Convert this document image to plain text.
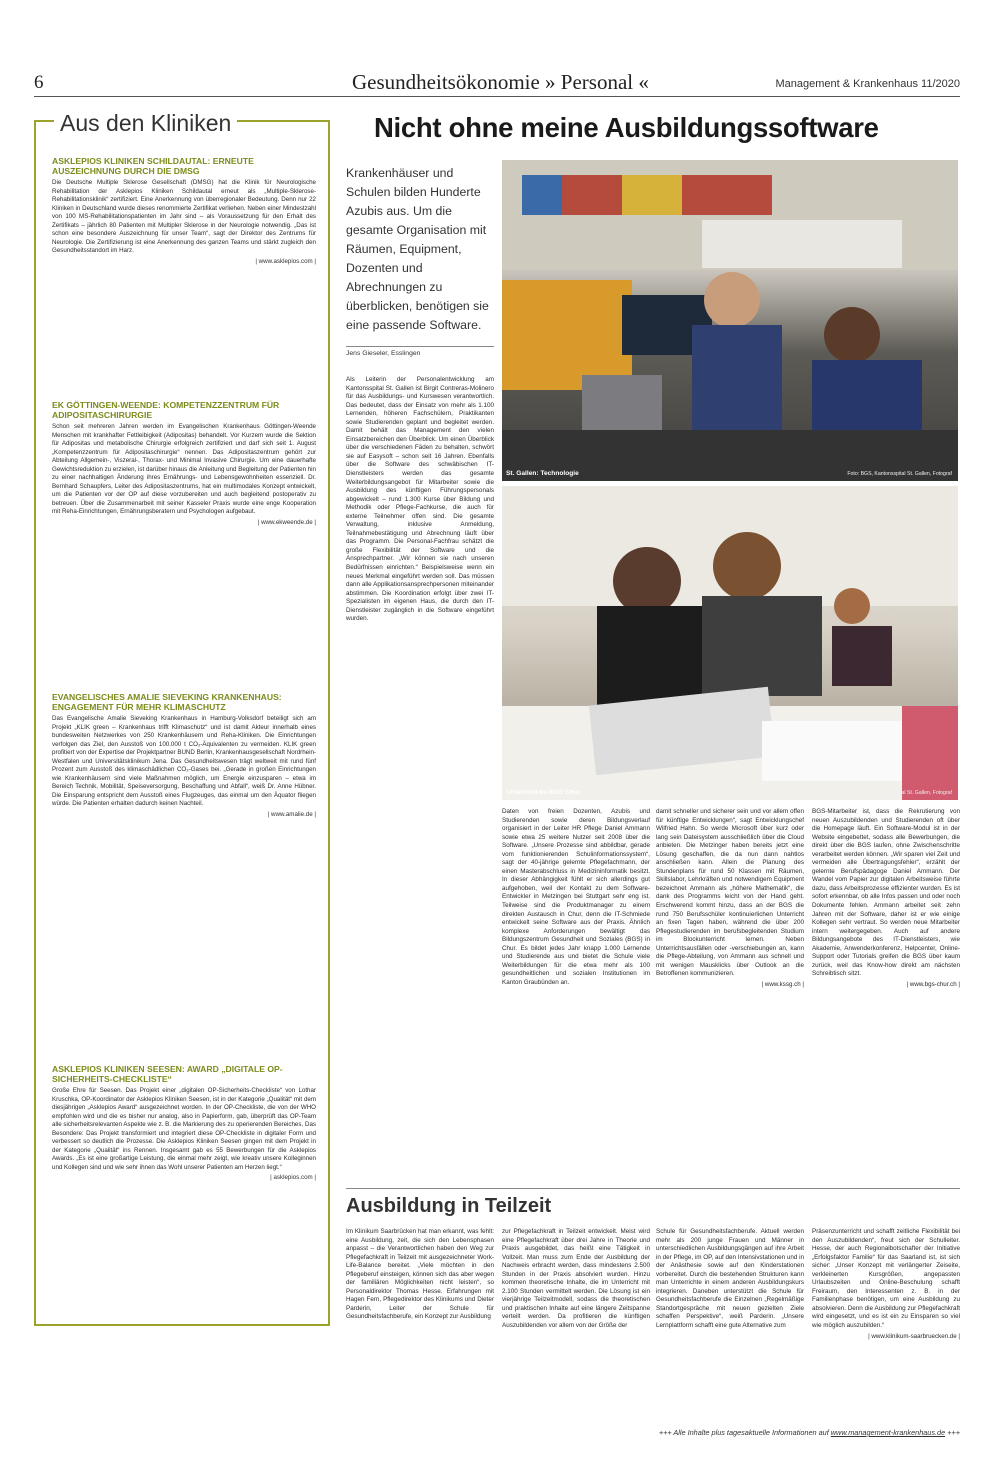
6	Gesundheitsökonomie » Personal «	Management & Krankenhaus 11/2020
Aus den Kliniken
ASKLEPIOS KLINIKEN SCHILDAUTAL: ERNEUTE AUSZEICHNUNG DURCH DIE DMSG
Die Deutsche Multiple Sklerose Gesellschaft (DMSG) hat die Klinik für Neurologische Rehabilitation der Asklepios Kliniken Schildautal erneut als „Multiple-Sklerose-Rehabilitationsklinik“ zertifiziert. Eine Anerkennung von überregionaler Bedeutung. Denn nur 22 Kliniken in Deutschland wurde dieses renommierte Zertifikat verliehen. Neben einer Mindestzahl von 100 MS-Rehabilitationspatienten im Jahr sind – als Voraussetzung für den Erhalt des Zertifikats – jährlich 80 Patienten mit Multipler Sklerose in der Neurologie notwendig. „Das ist schon eine besondere Auszeichnung für unser Team“, sagt der Direktor des Zentrums für Neurologie. Die Zertifizierung ist eine Anerkennung des ganzen Teams und stärkt zugleich den Gesundheitsstandort im Harz.
| www.asklepios.com |
EK GÖTTINGEN-WEENDE: KOMPETENZZENTRUM FÜR ADIPOSITASCHIRURGIE
Schon seit mehreren Jahren werden im Evangelischen Krankenhaus Göttingen-Weende Menschen mit krankhafter Fettleibigkeit (Adipositas) behandelt. Vor Kurzem wurde die Sektion für Adipositas und metabolische Chirurgie erfolgreich zertifiziert und darf sich seit 1. August „Kompetenzzentrum für Adipositaschirurgie“ nennen. Das Adipositaszentrum gehört zur Abteilung Allgemein-, Viszeral-, Thorax- und Minimal Invasive Chirurgie. Um eine dauerhafte Gewichtsreduktion zu erzielen, ist darüber hinaus die Anleitung und Begleitung der Patienten hin zu einer nachhaltigen Änderung ihres Ernährungs- und Lebensgewohnheiten essenziell. Dr. Bernhard Schaupfers, Leiter des Adipositaszentrums, hat ein multimodales Konzept entwickelt, um die Patienten vor der OP auf diese vorzubereiten und auch begleitend postoperativ zu betreuen. Über die Zusammenarbeit mit seiner Kasseler Praxis wurde eine enge Kooperation mit Reha-Einrichtungen, Ernährungsberatern und Psychologen aufgebaut.
| www.ekweende.de |
EVANGELISCHES AMALIE SIEVEKING KRANKENHAUS: ENGAGEMENT FÜR MEHR KLIMASCHUTZ
Das Evangelische Amalie Sieveking Krankenhaus in Hamburg-Volksdorf beteiligt sich am Projekt „KLIK green – Krankenhaus trifft Klimaschutz“ und ist damit Akteur innerhalb eines bundesweiten Netzwerkes von 250 Krankenhäusern und Reha-Kliniken. Die Einrichtungen verfolgen das Ziel, den Ausstoß von 100.000 t CO₂-Äquivalenten zu vermeiden. KLIK green profitiert von der Expertise der Projektpartner BUND Berlin, Krankenhausgesellschaft Nordrhein-Westfalen und Universitätsklinikum Jena. Das Gesundheitswesen trägt weltweit mit rund fünf Prozent zum Ausstoß des klimaschädlichen CO₂-Gases bei. „Gerade in großen Einrichtungen wie Krankenhäusern sind viele Maßnahmen möglich, um Energie einzusparen – etwa im Bereich Technik, Mobilität, Speiseversorgung, Beschaffung und Abfall“, weiß Dr. Anne Hübner. Die Einsparung entspricht dem Ausstoß eines Flugzeuges, das einmal um den Äquator fliegen würde. Die Patienten erhalten dadurch keinen Nachteil.
| www.amalie.de |
ASKLEPIOS KLINIKEN SEESEN: AWARD „DIGITALE OP-SICHERHEITS-CHECKLISTE“
Große Ehre für Seesen. Das Projekt einer „digitalen OP-Sicherheits-Checkliste“ von Lothar Kruschka, OP-Koordinator der Asklepios Kliniken Seesen, ist in der Kategorie „Qualität“ mit dem diesjährigen „Asklepios Award“ ausgezeichnet worden. In der OP-Checkliste, die von der WHO empfohlen wird und die es bisher nur analog, also in Papierform, gab, überprüft das OP-Team alle sicherheitsrelevanten Aspekte wie z. B. die Markierung des zu operierenden Bereiches. Das Besondere: Das Projekt transformiert und integriert diese OP-Checkliste in digitaler Form und verbessert so deutlich die Prozesse. Die Asklepios Kliniken Seesen gingen mit dem Projekt in der Kategorie „Qualität“ ins Rennen. Insgesamt gab es 55 Bewerbungen für die Asklepios Awards. „Es ist eine großartige Leistung, die einmal mehr zeigt, wie kreativ unsere Kolleginnen und Kollegen sind und wie sehr ihnen das Wohl unserer Patienten am Herzen liegt.“
| asklepios.com |
Nicht ohne meine Ausbildungssoftware
Krankenhäuser und Schulen bilden Hunderte Azubis aus. Um die gesamte Organisation mit Räumen, Equipment, Dozenten und Abrechnungen zu überblicken, benötigen sie eine passende Software.
Jens Gieseler, Esslingen

Als Leiterin der Personalentwicklung am Kantonsspital St. Gallen ist Birgit Contreras-Molinero für das Ausbildungs- und Kurswesen verantwortlich. Das bedeutet, dass der Einsatz von mehr als 1.100 Lernenden, höheren Fachschülern, Praktikanten sowie Studierenden geplant und begleitet werden. Damit behält das Management den vielen Einsatzbereichen den Überblick. Um einen Überblick über die verschiedenen Fäden zu behalten, schwört sie auf Easysoft – schon seit 16 Jahren. Ebenfalls über die Software des schwäbischen IT-Dienstleisters werden das gesamte Weiterbildungsangebot für Mitarbeiter sowie die Ausbildung des künftigen Führungspersonals abgewickelt – rund 1.300 Kurse über Bildung und Methodik oder Pflege-Fachkurse, die auch für externe Teilnehmer offen sind. Die gesamte Verwaltung, inklusive Anmeldung, Teilnahmebestätigung und Abrechnung läuft über das Programm. Die Personal-Fachfrau schätzt die große Flexibilität der Software und die Ansprechpartner. „Wir können sie nach unseren Bedürfnissen einrichten.“ Beispielsweise wenn ein neues Merkmal eingeführt werden soll. Das müssen dann alle Applikationsansprechpersonen miteinander abstimmen. Die Koordination erfolgt über zwei IT-Spezialisten im eigenen Haus, die durch den IT-Dienstleister zugänglich in die Software eingeführt wurden.

St. Gallen: Technologie	Foto: BGS, Kantonsspital St. Gallen, Fotograf
Unterricht im BGS Chur	Foto: BGS, Kantonsspital St. Gallen, Fotograf

Daten von freien Dozenten, Azubis und Studierenden sowie deren Bildungsverlauf organisiert in der Leiter HR Pflege Daniel Ammann sowie etwa 25 weitere Nutzer seit 2008 über die Software. „Unsere Prozesse sind abbildbar, gerade vom funktionierenden Schulinformationssystem“, sagt der 40-jährige gelernte Pflegefachmann, der einen Masterabschluss in Medizininformatik besitzt. In dieser Abhängigkeit fühlt er sich allerdings gut aufgehoben, weil der Kontakt zu dem Software-Entwickler in Metzingen bei Stuttgart sehr eng ist. Teilweise sind die Produktmanager zu einem direkten Austausch in Chur, denn die IT-Schmiede entwickelt seine Software aus der Praxis. Ähnlich komplexe Anforderungen bewältigt das Bildungszentrum Gesundheit und Soziales (BGS) in Chur. Es bildet jedes Jahr knapp 1.000 Lernende und Studierende aus und bietet die Schule viele Weiterbildungen für die etwa mehr als 100 gesundheitlichen und sozialen Institutionen im Kanton Graubünden an.

damit schneller und sicherer sein und vor allem offen für künftige Entwicklungen“, sagt Entwicklungschef Wilfried Hahn. So werde Microsoft über kurz oder lang sein Dateisystem ausschließlich über die Cloud anbieten. Die Metzinger haben bereits jetzt eine Lösung geschaffen, die da nun dann nahtlos anschließen kann. Allein die Planung des Stundenplans für rund 50 Klassen mit Räumen, Skillslabor, Lehrkräften und notwendigem Equipment bezeichnet Ammann als „höhere Mathematik“, die dank des Programms leicht von der Hand geht. Erschwerend kommt hinzu, dass an der BGS die rund 750 Berufsschüler kontinuierlichen Unterricht an fixen Tagen haben, während die über 200 Pflegestudierenden im berufsbegleitenden Studium im Blockunterricht lernen. Neben Unterrichtsausfällen oder -verschiebungen an, kann die Pflege-Abteilung, von Ammann aus schnell und mit wenigen Mausklicks über Outlook an die Betroffenen kommunizieren.

| www.kssg.ch |

BGS-Mitarbeiter ist, dass die Rekrutierung von neuen Auszubildenden und Studierenden oft über die Homepage läuft. Ein Software-Modul ist in der Website eingebettet, sodass alle Bewerbungen, die direkt über die BGS laufen, ohne Zwischenschritte verarbeitet werden können. „Wir sparen viel Zeit und vermeiden alle Übertragungsfehler“, erzählt der gelernte Berufspädagoge Daniel Ammann. Der Wandel vom Papier zur digitalen Arbeitsweise führte dazu, dass Arbeitsprozesse effizienter wurden. Es ist sofort erkennbar, ob alle Infos passen und oder noch Dokumente fehlen. Ammann arbeitet seit zehn Jahren mit der Software, daher ist er wie einige Kollegen sehr vertraut. So werden neue Mitarbeiter intern weitergegeben. Auch auf andere Bildungsangebote des IT-Dienstleisters, wie Akademie, Anwenderkonferenz, Helpcenter, Online-Support oder Tutorials greifen die BGS über kaum zurück, weil das Know-how direkt am nächsten Schreibtisch sitzt.

| www.bgs-chur.ch |
Ausbildung in Teilzeit

Im Klinikum Saarbrücken hat man erkannt, was fehlt: eine Ausbildung, zeit, die sich den Lebensphasen anpasst – die Verantwortlichen haben den Weg zur Pflegefachkraft in Teilzeit mit ausgezeichneter Work-Life-Balance bereitet. „Viele möchten in den Pflegeberuf einsteigen, können sich das aber wegen der familiären Möglichkeiten nicht leisten“, so Personaldirektor Thomas Hesse. Erfahrungen mit Hagen Fern, Pflegedirektor des Klinikums und Dieter Parderin, Leiter der Schule für Gesundheitsfachberufe, ein Konzept zur Ausbildung

zur Pflegefachkraft in Teilzeit entwickelt. Meist wird eine Pflegefachkraft über drei Jahre in Theorie und Praxis ausgebildet, das heißt eine Tätigkeit in Vollzeit. Man muss zum Ende der Ausbildung der Nachweis erbracht werden, dass mindestens 2.500 Stunden in der Praxis absolviert wurden. Hinzu kommen theoretische Inhalte, die im Unterricht mit 2.100 Stunden vermittelt werden. Die Lösung ist ein vierjährige Teilzeitmodell, sodass die theoretischen und praktischen Inhalte auf eine längere Zeitspanne verteilt werden. Da profitieren die künftigen Auszubildenden vor allem von der Größe der

Schule für Gesundheitsfachberufe. Aktuell werden mehr als 200 junge Frauen und Männer in unterschiedlichen Ausbildungsgängen auf ihre Arbeit in der Pflege, im OP, auf den Intensivstationen und in der Anästhesie sowie auf den Kinderstationen vorbereitet. Durch die bestehenden Strukturen kann man Unterrichte in einem anderen Ausbildungskurs integrieren. Daneben unterstützt die Schule für Gesundheitsfachberufe die Einzelnen „Regelmäßige Standortgespräche mit neuen gezielten Ziele schaffen Perspektive“, weiß Parderin. „Unsere Lernplattform schafft eine gute Alternative zum

Präsenzunterricht und schafft zeitliche Flexibilität bei den Auszubildenden“, freut sich der Schulleiter. Hesse, der auch Regionalbotschafter der Initiative „Erfolgsfaktor Familie“ für das Saarland ist, ist sich sicher: „Unser Konzept mit verlängerter Zeiseite, verkleinerten Kursgrößen, angepassten Urlaubszeiten und Online-Beschulung schafft Freiraum, den Interessenten z. B. in der Familienphase benötigen, um eine Ausbildung zu absolvieren. Denn die Ausbildung zur Pflegefachkraft wird eingesetzt, und es ist ein zu Einsparen so viel wie möglich auszubilden.“

| www.klinikum-saarbruecken.de |
+++ Alle Inhalte plus tagesaktuelle Informationen auf www.management-krankenhaus.de +++
